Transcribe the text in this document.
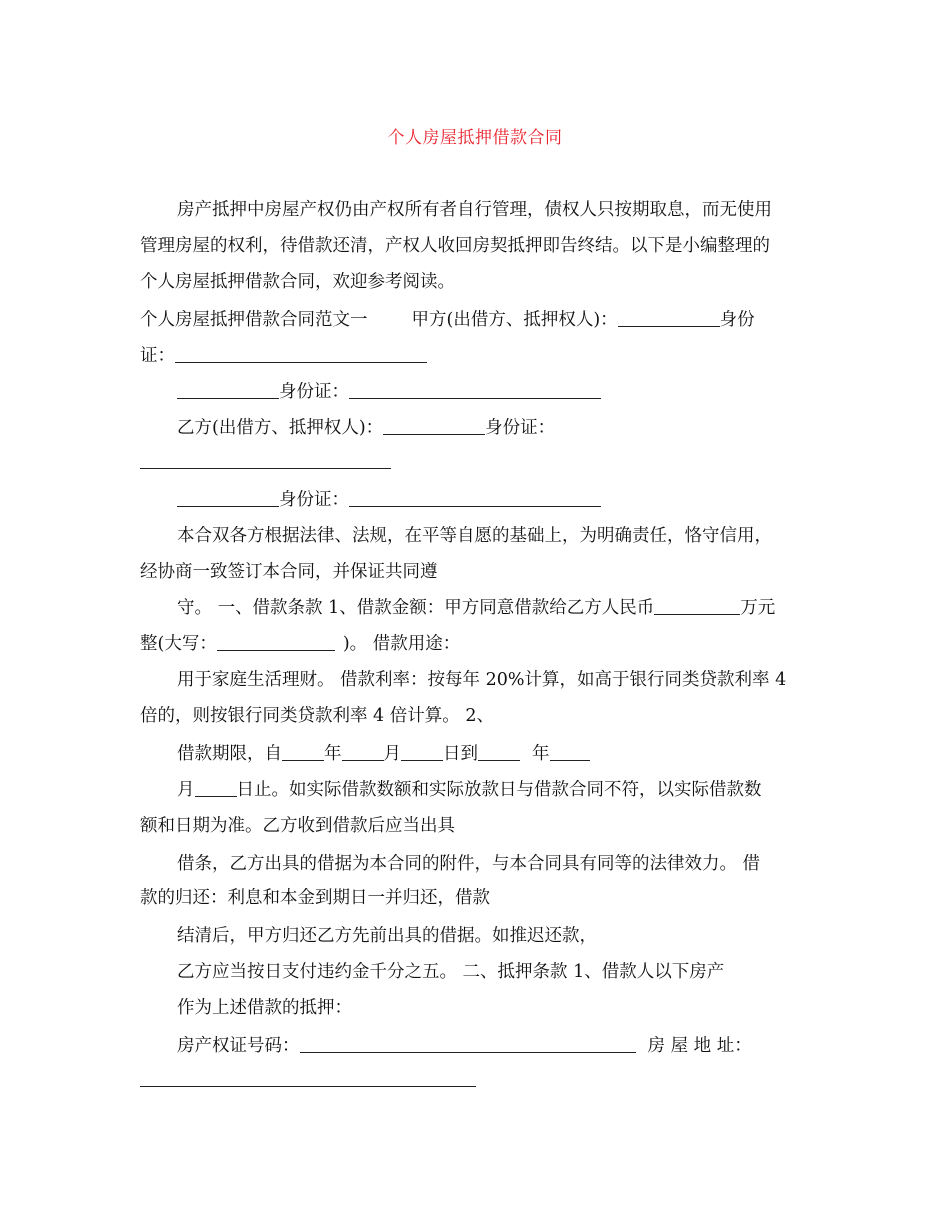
个人房屋抵押借款合同
房产抵押中房屋产权仍由产权所有者自行管理，债权人只按期取息，而无使用
管理房屋的权利，待借款还清，产权人收回房契抵押即告终结。以下是小编整理的
个人房屋抵押借款合同，欢迎参考阅读。
个人房屋抵押借款合同范文一	甲方(出借方、抵押权人)：	身份
证：
身份证：
乙方(出借方、抵押权人)：	身份证：
身份证：
本合双各方根据法律、法规，在平等自愿的基础上，为明确责任，恪守信用，
经协商一致签订本合同，并保证共同遵
守。 一、借款条款 1、借款金额：甲方同意借款给乙方人民币	万元
整(大写：	)。 借款用途：
用于家庭生活理财。 借款利率：按每年 20%计算，如高于银行同类贷款利率 4
倍的，则按银行同类贷款利率 4 倍计算。 2、
借款期限，自 年 月 日到	年
月 日止。如实际借款数额和实际放款日与借款合同不符，以实际借款数
额和日期为准。乙方收到借款后应当出具
借条，乙方出具的借据为本合同的附件，与本合同具有同等的法律效力。 借
款的归还：利息和本金到期日一并归还，借款
结清后，甲方归还乙方先前出具的借据。如推迟还款，
乙方应当按日支付违约金千分之五。 二、抵押条款 1、借款人以下房产
作为上述借款的抵押：
房产权证号码：	房 屋 地 址：
